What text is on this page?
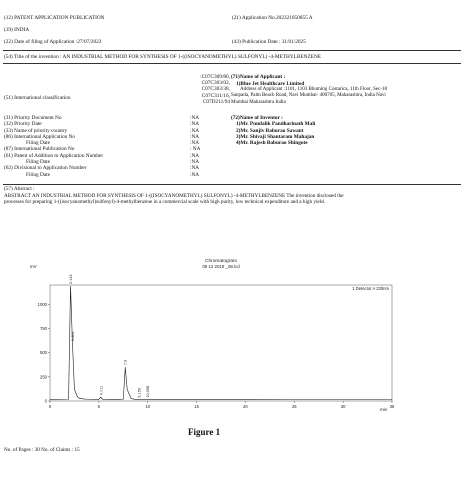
(12) PATENT APPLICATION PUBLICATION	(21) Application No.202321050855 A
(19) INDIA
(22) Date of filing of Application :27/07/2023	(43) Publication Date : 31/01/2025
(54) Title of the invention : AN INDUSTRIAL METHOD FOR SYNTHESIS OF 1-((ISOCYANOMETHYL) SULFONYL) -4-METHYLBENZENE
(51) International classification
:C07C309/80,
C07C303/02,
C07C303/38,
C07C311/16,
C07D211/94
(31) Priority Document No	:NA
(32) Priority Date	:NA
(33) Name of priority country	:NA
(86) International Application No	:NA
Filing Date	:NA
(87) International Publication No	: NA
(61) Patent of Addition to Application Number	:NA
Filing Date	:NA
(62) Divisional to Application Number	:NA
Filing Date	:NA
(71)Name of Applicant :
1)Blue Jet Healthcare Limited
Address of Applicant :1101, 1103 Bhumiraj Costarica, 11th Floor, Sec-18
Sanpada, Palm Beach Road, Navi Mumbai- 400705, Maharashtra, India Navi
Mumbai Maharashtra India
(72)Name of Inventor :
1)Mr. Pundalik Pandharinath Mali
2)Mr. Sanjiv Baburao Sawant
3)Mr. Shivaji Shantaram Mahajan
4)Mr. Rajesh Baburao Shingote
(57) Abstract :
ABSTRACT AN INDUSTRIAL METHOD FOR SYNTHESIS OF 1-((ISOCYANOMETHYL) SULFONYL) -4-METHYLBENZENE The invention disclosed the
processes for preparing 1-((isocyanomethyl)sulfonyl)-4-methylbenzene in a commercial scale with high purity, low technical expenditure and a high yield.
Chromatogram
09 12 2019 _08.lcd
mV
min
1 Detector A 230nm
0
250
500
750
1000
0	5	10	15	20	25	30	35
2.143
2.264
4.711
7.9
9.150 10.098
Figure 1
No. of Pages : 30 No. of Claims : 15
